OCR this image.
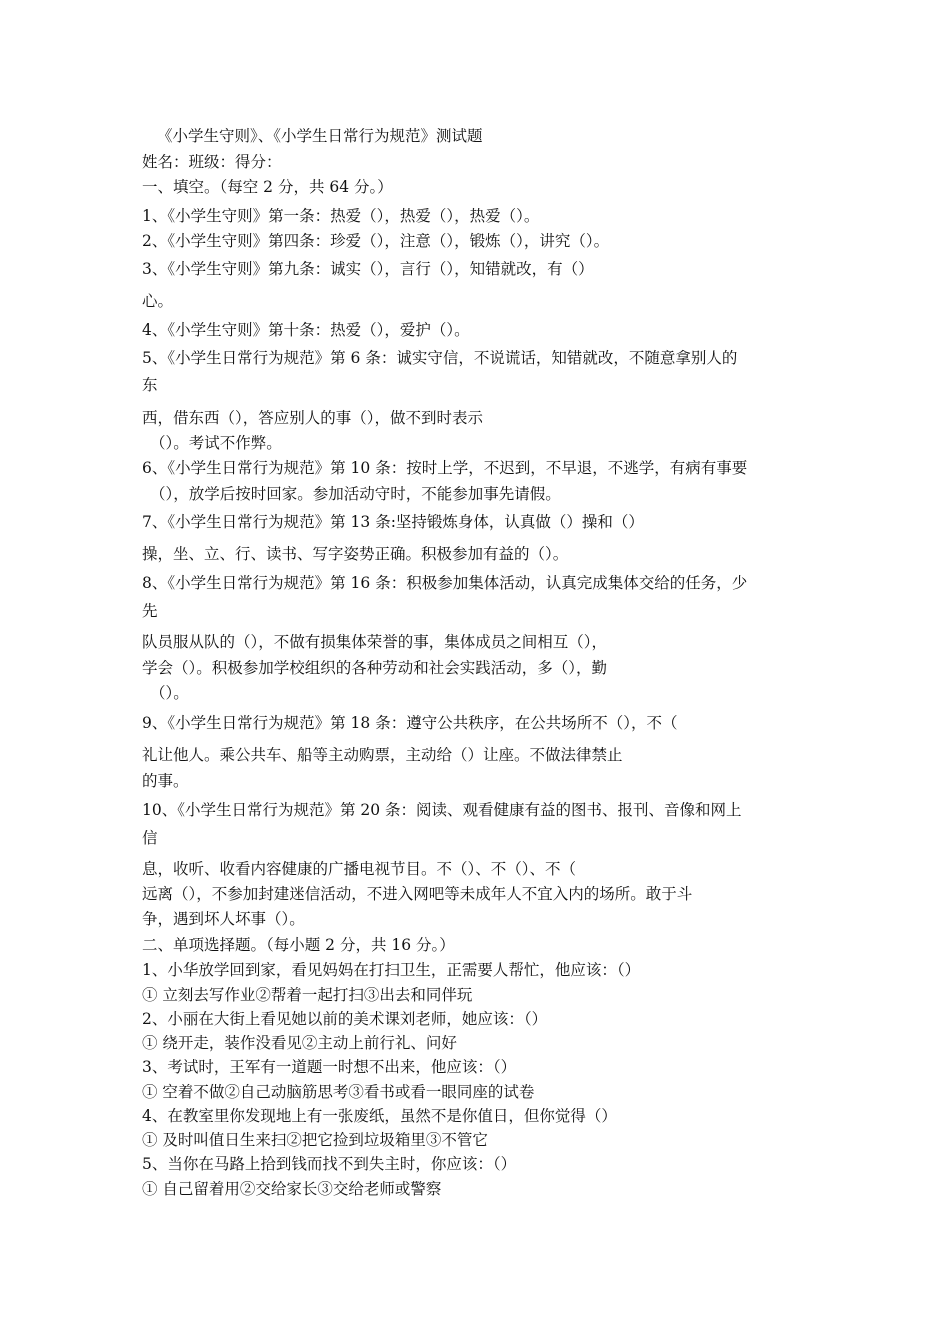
《小学生守则》、《小学生日常行为规范》测试题
姓名：班级：得分：
一、填空。（每空 2 分，共 64 分。）
1、《小学生守则》第一条：热爱（），热爱（），热爱（）。
2、《小学生守则》第四条：珍爱（），注意（），锻炼（），讲究（）。
3、《小学生守则》第九条：诚实（），言行（），知错就改，有（）
心。
4、《小学生守则》第十条：热爱（），爱护（）。
5、《小学生日常行为规范》第 6 条：诚实守信，不说谎话，知错就改，不随意拿别人的
东
西，借东西（），答应别人的事（），做不到时表示
（）。考试不作弊。
6、《小学生日常行为规范》第 10 条：按时上学，不迟到，不早退，不逃学，有病有事要
（），放学后按时回家。参加活动守时，不能参加事先请假。
7、《小学生日常行为规范》第 13 条:坚持锻炼身体，认真做（）操和（）
操，坐、立、行、读书、写字姿势正确。积极参加有益的（）。
8、《小学生日常行为规范》第 16 条：积极参加集体活动，认真完成集体交给的任务，少
先
队员服从队的（），不做有损集体荣誉的事，集体成员之间相互（），
学会（）。积极参加学校组织的各种劳动和社会实践活动，多（），勤
（）。
9、《小学生日常行为规范》第 18 条：遵守公共秩序，在公共场所不（），不（
礼让他人。乘公共车、船等主动购票，主动给（）让座。不做法律禁止
的事。
10、《小学生日常行为规范》第 20 条：阅读、观看健康有益的图书、报刊、音像和网上
信
息，收听、收看内容健康的广播电视节目。不（）、不（）、不（
远离（），不参加封建迷信活动，不进入网吧等未成年人不宜入内的场所。敢于斗
争，遇到坏人坏事（）。
二、单项选择题。（每小题 2 分，共 16 分。）
1、小华放学回到家，看见妈妈在打扫卫生，正需要人帮忙，他应该：（）
① 立刻去写作业②帮着一起打扫③出去和同伴玩
2、小丽在大街上看见她以前的美术课刘老师，她应该：（）
① 绕开走，装作没看见②主动上前行礼、问好
3、考试时，王军有一道题一时想不出来，他应该：（）
① 空着不做②自己动脑筋思考③看书或看一眼同座的试卷
4、在教室里你发现地上有一张废纸，虽然不是你值日，但你觉得（）
① 及时叫值日生来扫②把它捡到垃圾箱里③不管它
5、当你在马路上拾到钱而找不到失主时，你应该：（）
① 自己留着用②交给家长③交给老师或警察
